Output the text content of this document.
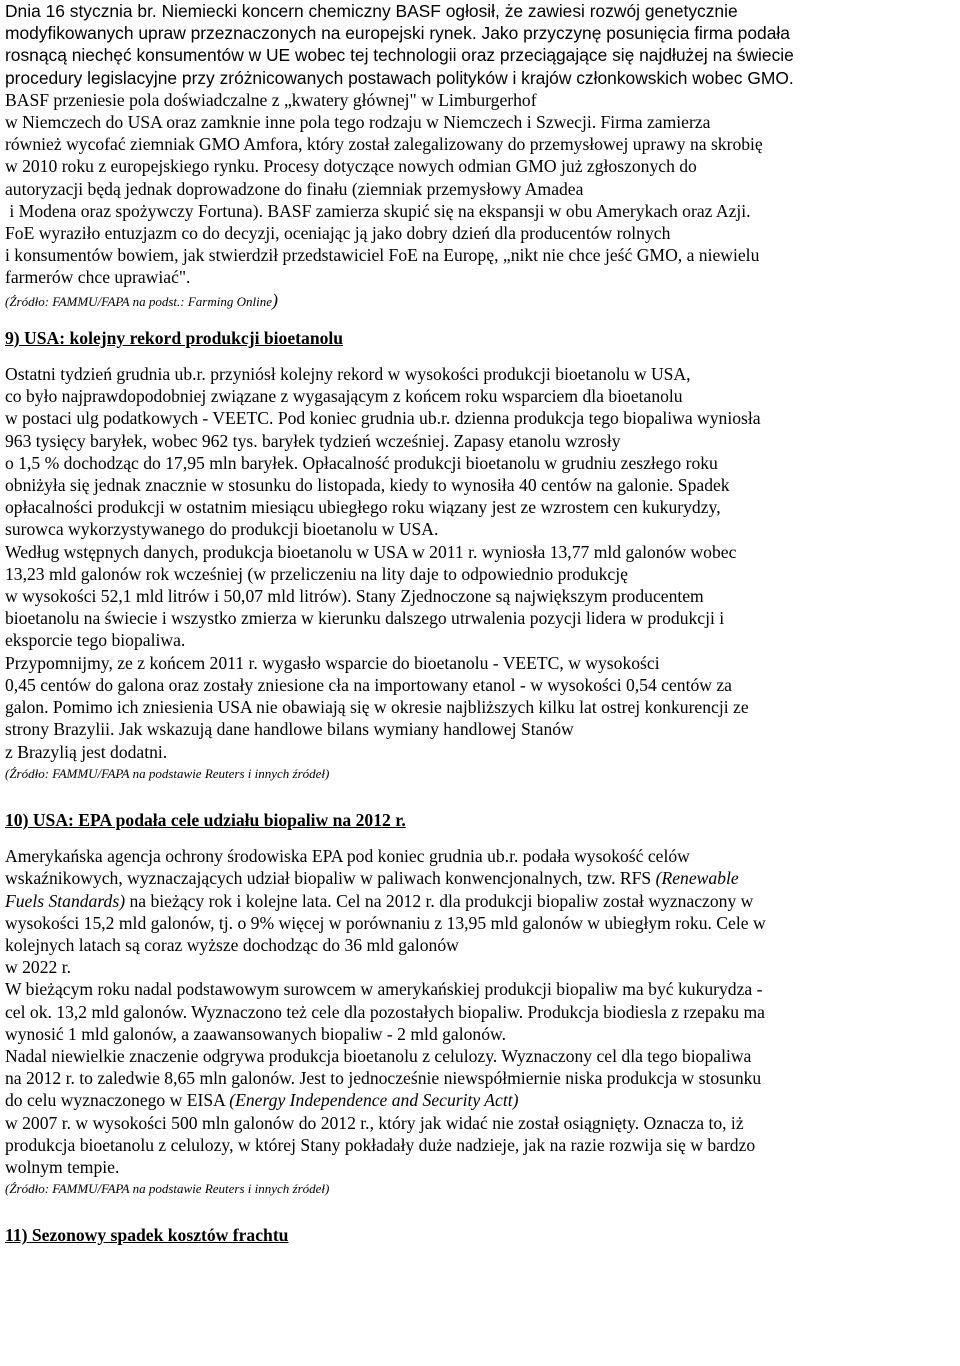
Dnia 16 stycznia br. Niemiecki koncern chemiczny BASF ogłosił, że zawiesi rozwój genetycznie
modyfikowanych upraw przeznaczonych na europejski rynek. Jako przyczynę posunięcia firma podała
rosnącą niechęć konsumentów w UE wobec tej technologii oraz przeciągające się najdłużej na świecie
procedury legislacyjne przy zróżnicowanych postawach polityków i krajów członkowskich wobec GMO.
BASF przeniesie pola doświadczalne z „kwatery głównej" w Limburgerhof
w Niemczech do USA oraz zamknie inne pola tego rodzaju w Niemczech i Szwecji. Firma zamierza
również wycofać ziemniak GMO Amfora, który został zalegalizowany do przemysłowej uprawy na skrobię
w 2010 roku z europejskiego rynku. Procesy dotyczące nowych odmian GMO już zgłoszonych do
autoryzacji będą jednak doprowadzone do finału (ziemniak przemysłowy Amadea
i Modena oraz spożywczy Fortuna). BASF zamierza skupić się na ekspansji w obu Amerykach oraz Azji.
FoE wyraziło entuzjazm co do decyzji, oceniając ją jako dobry dzień dla producentów rolnych
i konsumentów bowiem, jak stwierdził przedstawiciel FoE na Europę, „nikt nie chce jeść GMO, a niewielu
farmerów chce uprawiać".
(Źródło: FAMMU/FAPA na podst.: Farming Online)
9) USA: kolejny rekord produkcji bioetanolu
Ostatni tydzień grudnia ub.r. przyniósł kolejny rekord w wysokości produkcji bioetanolu w USA,
co było najprawdopodobniej związane z wygasającym z końcem roku wsparciem dla bioetanolu
w postaci ulg podatkowych - VEETC. Pod koniec grudnia ub.r. dzienna produkcja tego biopaliwa wyniosła
963 tysięcy baryłek, wobec 962 tys. baryłek tydzień wcześniej. Zapasy etanolu wzrosły
o 1,5 % dochodząc do 17,95 mln baryłek. Opłacalność produkcji bioetanolu w grudniu zeszłego roku
obniżyła się jednak znacznie w stosunku do listopada, kiedy to wynosiła 40 centów na galonie. Spadek
opłacalności produkcji w ostatnim miesiącu ubiegłego roku wiązany jest ze wzrostem cen kukurydzy,
surowca wykorzystywanego do produkcji bioetanolu w USA.
Według wstępnych danych, produkcja bioetanolu w USA w 2011 r. wyniosła 13,77 mld galonów wobec
13,23 mld galonów rok wcześniej (w przeliczeniu na lity daje to odpowiednio produkcję
w wysokości 52,1 mld litrów i 50,07 mld litrów). Stany Zjednoczone są największym producentem
bioetanolu na świecie i wszystko zmierza w kierunku dalszego utrwalenia pozycji lidera w produkcji i
eksporcie tego biopaliwa.
Przypomnijmy, ze z końcem 2011 r. wygasło wsparcie do bioetanolu - VEETC, w wysokości
0,45 centów do galona oraz zostały zniesione cła na importowany etanol - w wysokości 0,54 centów za
galon. Pomimo ich zniesienia USA nie obawiają się w okresie najbliższych kilku lat ostrej konkurencji ze
strony Brazylii. Jak wskazują dane handlowe bilans wymiany handlowej Stanów
z Brazylią jest dodatni.
(Źródło: FAMMU/FAPA na podstawie Reuters i innych źródeł)
10) USA: EPA podała cele udziału biopaliw na 2012 r.
Amerykańska agencja ochrony środowiska EPA pod koniec grudnia ub.r. podała wysokość celów
wskaźnikowych, wyznaczających udział biopaliw w paliwach konwencjonalnych, tzw. RFS (Renewable
Fuels Standards) na bieżący rok i kolejne lata. Cel na 2012 r. dla produkcji biopaliw został wyznaczony w
wysokości 15,2 mld galonów, tj. o 9% więcej w porównaniu z 13,95 mld galonów w ubiegłym roku. Cele w
kolejnych latach są coraz wyższe dochodząc do 36 mld galonów
w 2022 r.
W bieżącym roku nadal podstawowym surowcem w amerykańskiej produkcji biopaliw ma być kukurydza -
cel ok. 13,2 mld galonów. Wyznaczono też cele dla pozostałych biopaliw. Produkcja biodiesla z rzepaku ma
wynosić 1 mld galonów, a zaawansowanych biopaliw - 2 mld galonów.
Nadal niewielkie znaczenie odgrywa produkcja bioetanolu z celulozy. Wyznaczony cel dla tego biopaliwa
na 2012 r. to zaledwie 8,65 mln galonów. Jest to jednocześnie niewspółmiernie niska produkcja w stosunku
do celu wyznaczonego w EISA (Energy Independence and Security Actt)
w 2007 r. w wysokości 500 mln galonów do 2012 r., który jak widać nie został osiągnięty. Oznacza to, iż
produkcja bioetanolu z celulozy, w której Stany pokładały duże nadzieje, jak na razie rozwija się w bardzo
wolnym tempie.
(Źródło: FAMMU/FAPA na podstawie Reuters i innych źródeł)
11) Sezonowy spadek kosztów frachtu
